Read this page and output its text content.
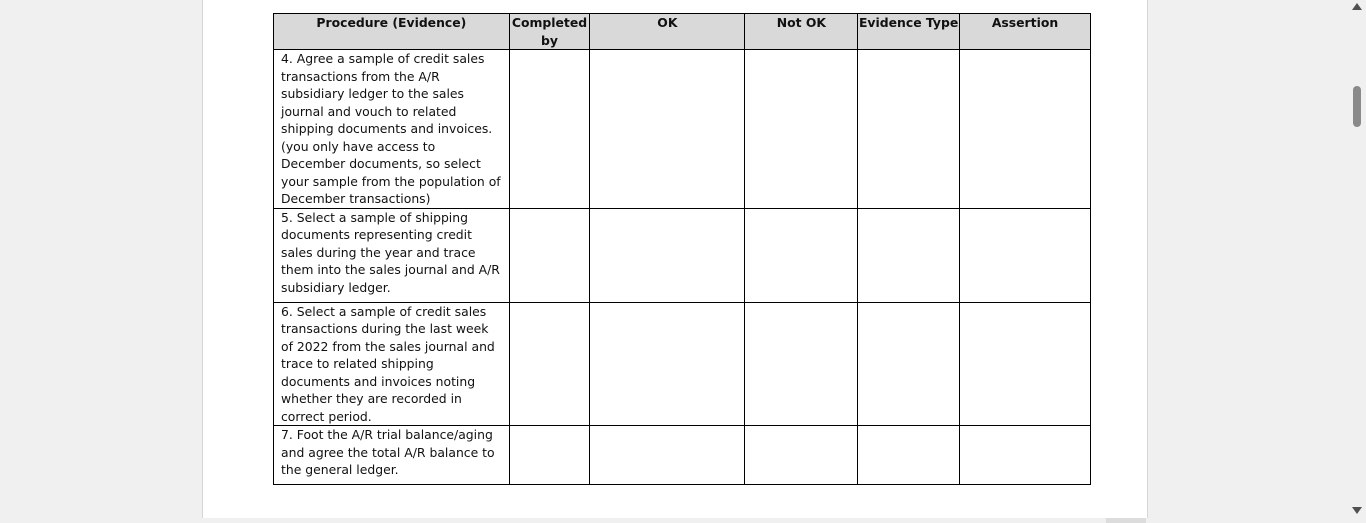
Procedure (Evidence)	Completed by	OK	Not OK	Evidence Type	Assertion
4. Agree a sample of credit sales transactions from the A/R subsidiary ledger to the sales journal and vouch to related shipping documents and invoices. (you only have access to December documents, so select your sample from the population of December transactions)					
5. Select a sample of shipping documents representing credit sales during the year and trace them into the sales journal and A/R subsidiary ledger.					
6. Select a sample of credit sales transactions during the last week of 2022 from the sales journal and trace to related shipping documents and invoices noting whether they are recorded in correct period.					
7. Foot the A/R trial balance/aging and agree the total A/R balance to the general ledger.					
